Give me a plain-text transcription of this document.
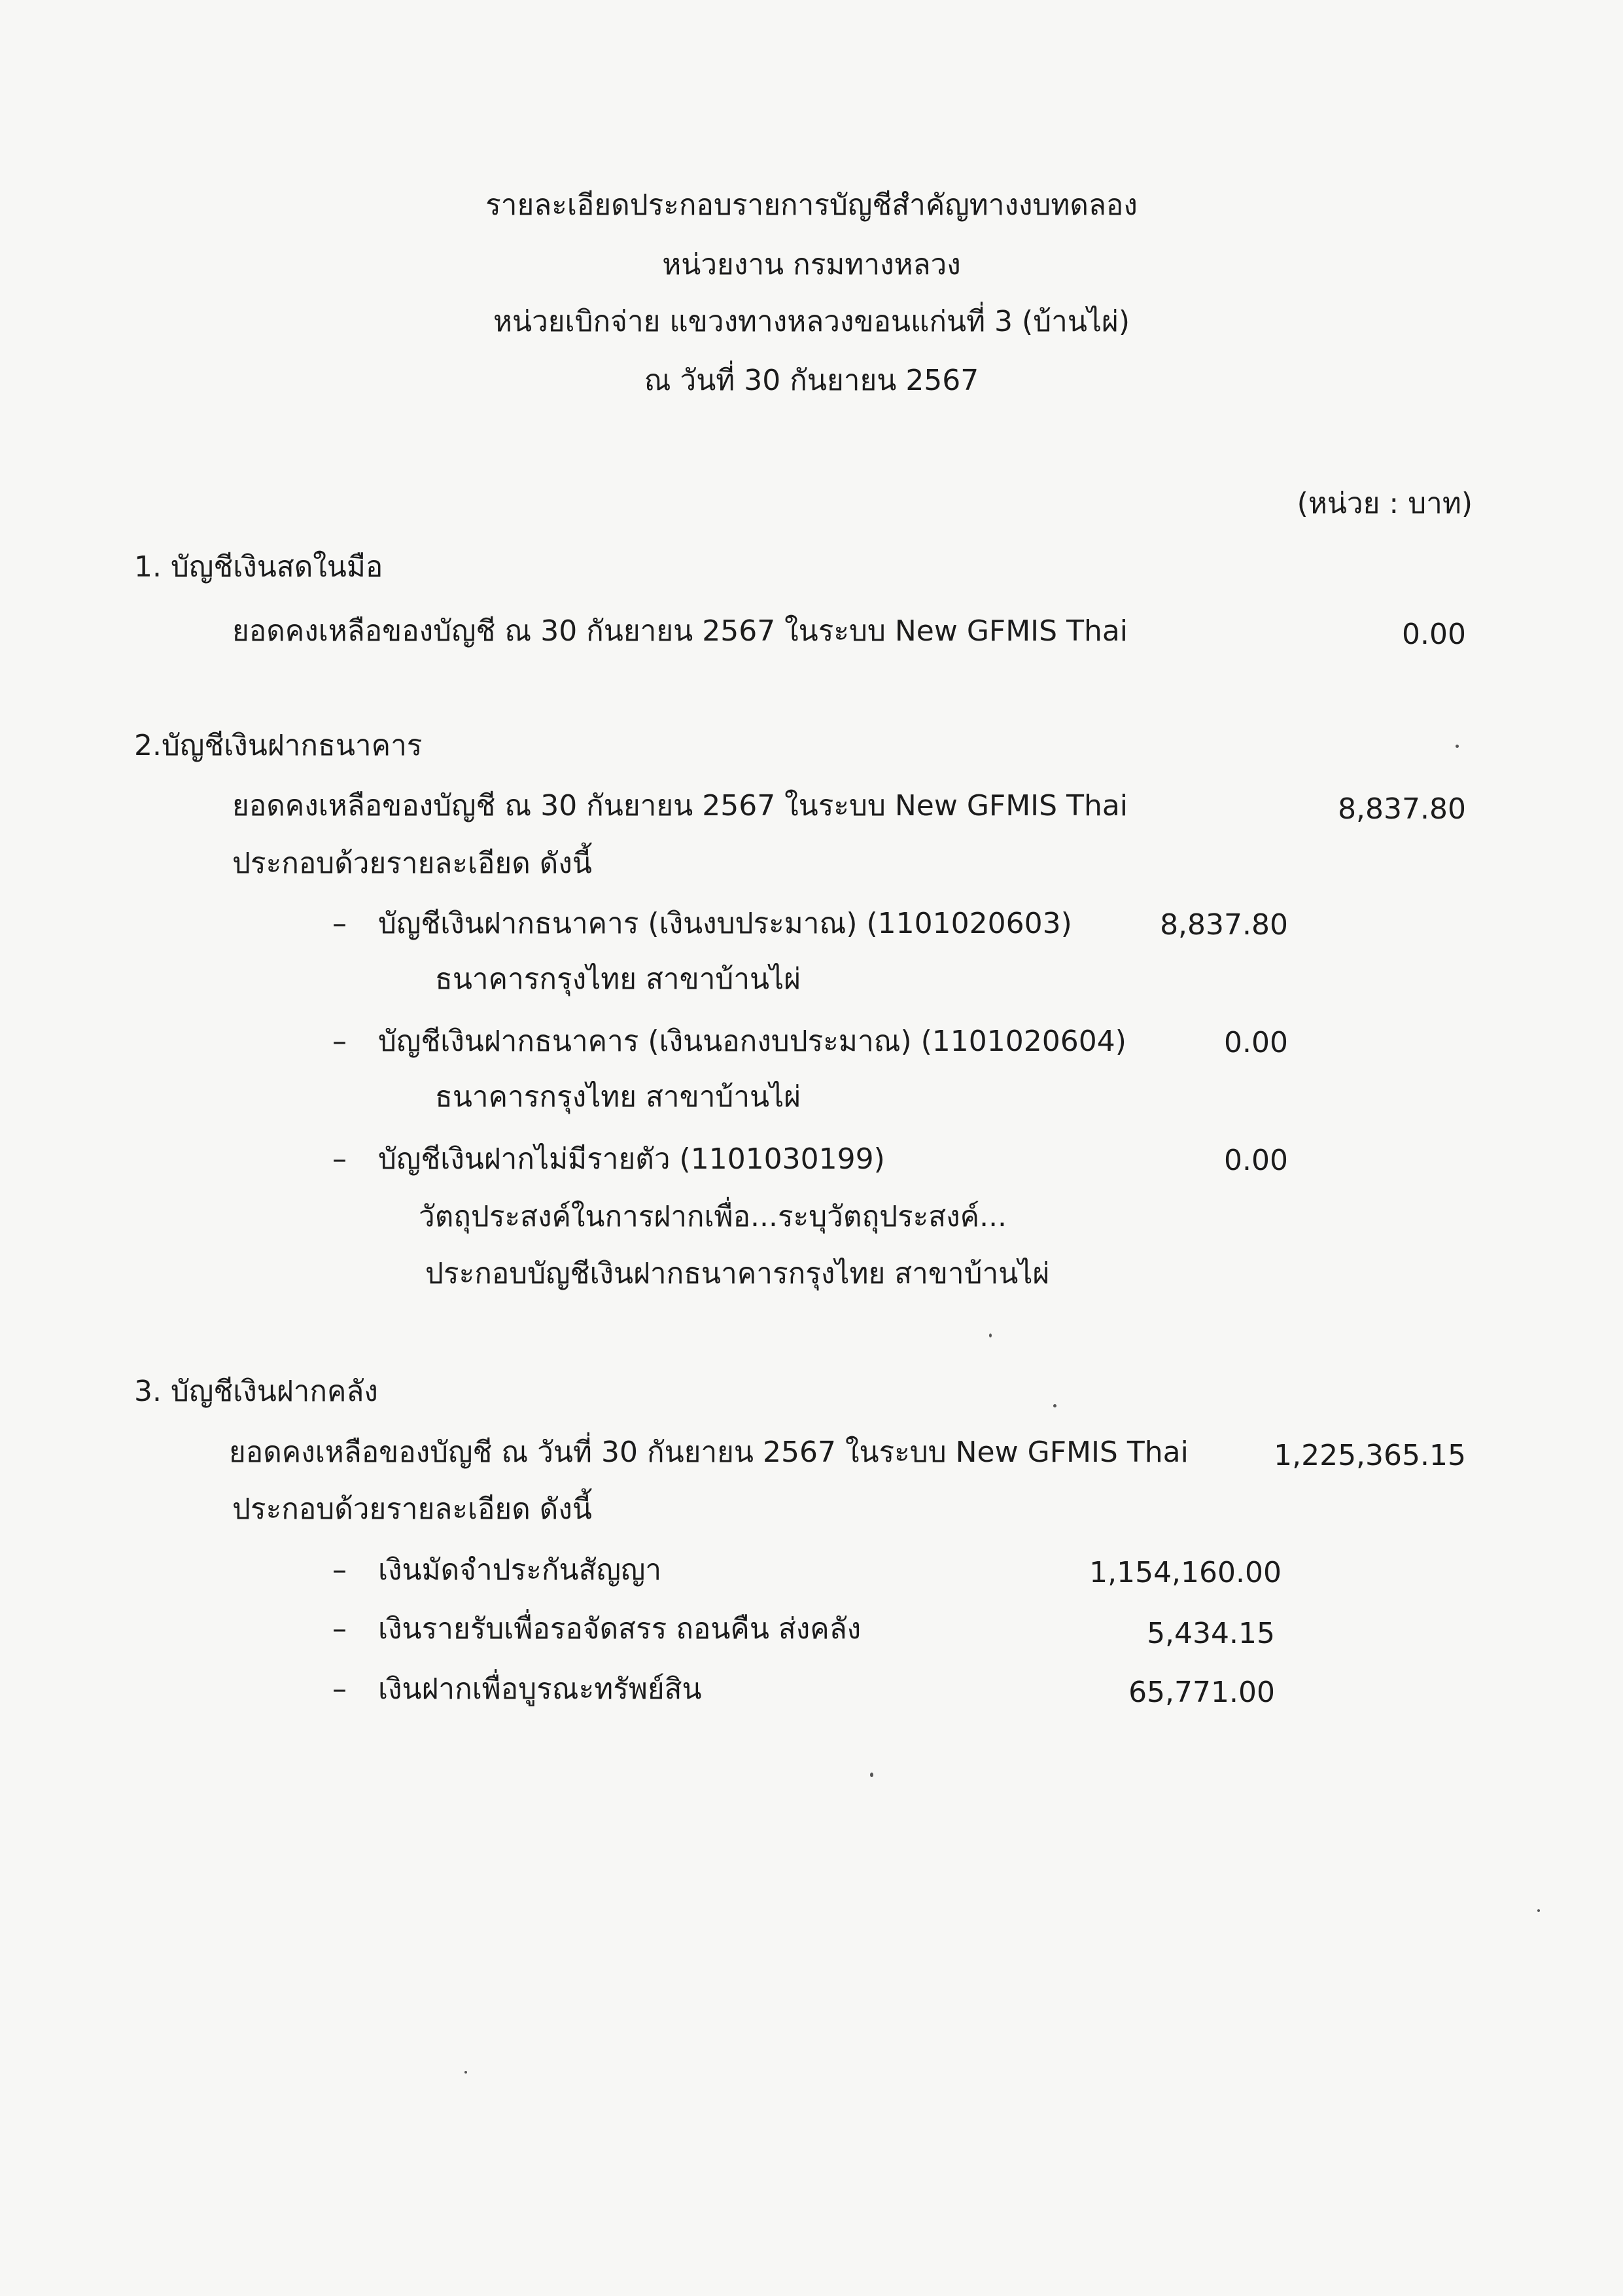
รายละเอียดประกอบรายการบัญชีสำคัญทางงบทดลอง
หน่วยงาน กรมทางหลวง
หน่วยเบิกจ่าย แขวงทางหลวงขอนแก่นที่ 3 (บ้านไผ่)
ณ วันที่ 30 กันยายน 2567
(หน่วย : บาท)
1. บัญชีเงินสดในมือ
ยอดคงเหลือของบัญชี ณ 30 กันยายน 2567 ในระบบ New GFMIS Thai	0.00
2.บัญชีเงินฝากธนาคาร
ยอดคงเหลือของบัญชี ณ 30 กันยายน 2567 ในระบบ New GFMIS Thai	8,837.80
ประกอบด้วยรายละเอียด ดังนี้
– บัญชีเงินฝากธนาคาร (เงินงบประมาณ) (1101020603)	8,837.80
ธนาคารกรุงไทย สาขาบ้านไผ่
– บัญชีเงินฝากธนาคาร (เงินนอกงบประมาณ) (1101020604)	0.00
ธนาคารกรุงไทย สาขาบ้านไผ่
– บัญชีเงินฝากไม่มีรายตัว (1101030199)	0.00
วัตถุประสงค์ในการฝากเพื่อ...ระบุวัตถุประสงค์...
ประกอบบัญชีเงินฝากธนาคารกรุงไทย สาขาบ้านไผ่
3. บัญชีเงินฝากคลัง
ยอดคงเหลือของบัญชี ณ วันที่ 30 กันยายน 2567 ในระบบ New GFMIS Thai	1,225,365.15
ประกอบด้วยรายละเอียด ดังนี้
– เงินมัดจำประกันสัญญา	1,154,160.00
– เงินรายรับเพื่อรอจัดสรร ถอนคืน ส่งคลัง	5,434.15
– เงินฝากเพื่อบูรณะทรัพย์สิน	65,771.00
